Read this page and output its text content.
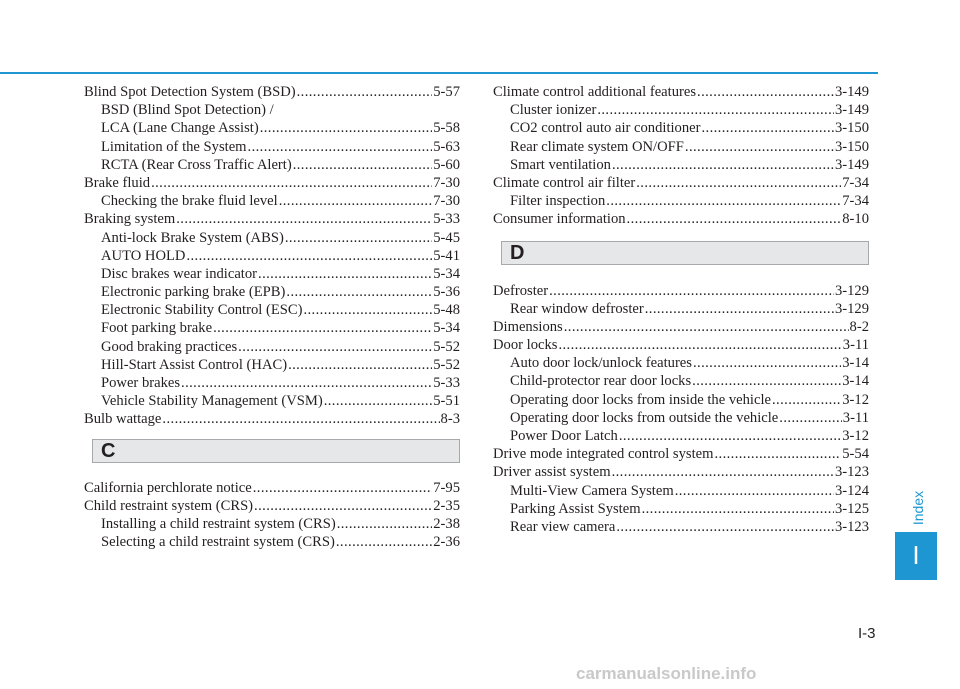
Blind Spot Detection System (BSD) .....	5-57
BSD (Blind Spot Detection) /
LCA (Lane Change Assist) .....	5-58
Limitation of the System .....	5-63
RCTA (Rear Cross Traffic Alert) .....	5-60
Brake fluid .....	7-30
Checking the brake fluid level .....	7-30
Braking system .....	5-33
Anti-lock Brake System (ABS) .....	5-45
AUTO HOLD .....	5-41
Disc brakes wear indicator .....	5-34
Electronic parking brake (EPB) .....	5-36
Electronic Stability Control (ESC) .....	5-48
Foot parking brake .....	5-34
Good braking practices .....	5-52
Hill-Start Assist Control (HAC) .....	5-52
Power brakes .....	5-33
Vehicle Stability Management (VSM) .....	5-51
Bulb wattage .....	8-3
C
California perchlorate notice .....	7-95
Child restraint system (CRS) .....	2-35
Installing a child restraint system (CRS) .....	2-38
Selecting a child restraint system (CRS) .....	2-36
Climate control additional features .....	3-149
Cluster ionizer .....	3-149
CO2 control auto air conditioner .....	3-150
Rear climate system ON/OFF .....	3-150
Smart ventilation .....	3-149
Climate control air filter .....	7-34
Filter inspection .....	7-34
Consumer information .....	8-10
D
Defroster .....	3-129
Rear window defroster .....	3-129
Dimensions .....	8-2
Door locks .....	3-11
Auto door lock/unlock features .....	3-14
Child-protector rear door locks .....	3-14
Operating door locks from inside the vehicle .....	3-12
Operating door locks from outside the vehicle .....	3-11
Power Door Latch .....	3-12
Drive mode integrated control system .....	5-54
Driver assist system .....	3-123
Multi-View Camera System .....	3-124
Parking Assist System .....	3-125
Rear view camera .....	3-123
Index
I
I-3
carmanualsonline.info
